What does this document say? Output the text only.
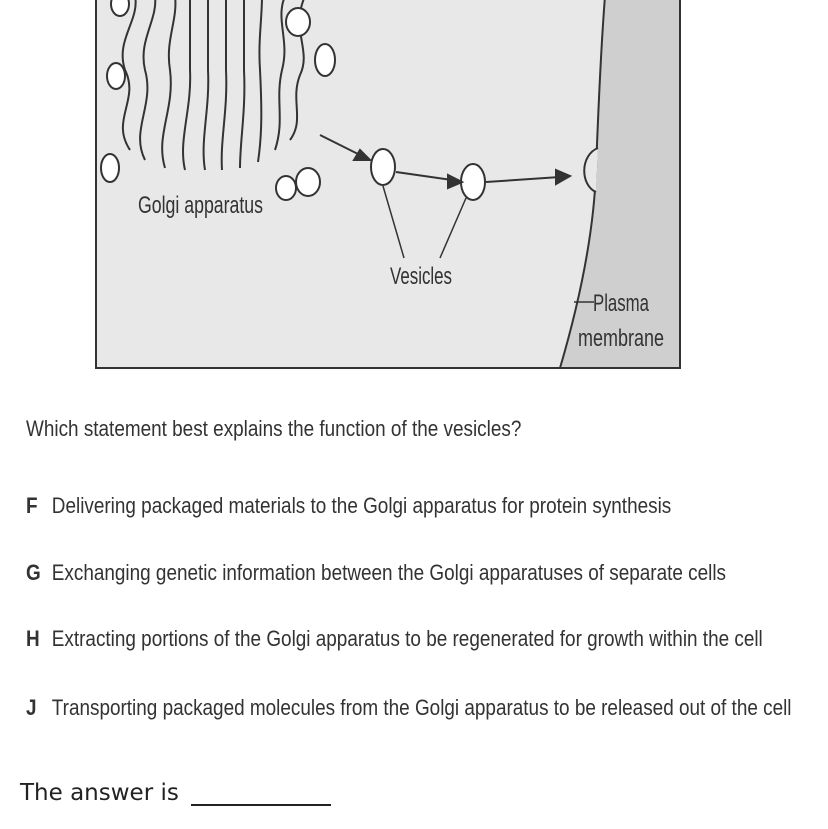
Golgi apparatus
Vesicles
Plasma
membrane
Which statement best explains the function of the vesicles?
F Delivering packaged materials to the Golgi apparatus for protein synthesis
G Exchanging genetic information between the Golgi apparatuses of separate cells
H Extracting portions of the Golgi apparatus to be regenerated for growth within the cell
J Transporting packaged molecules from the Golgi apparatus to be released out of the cell
The answer is
